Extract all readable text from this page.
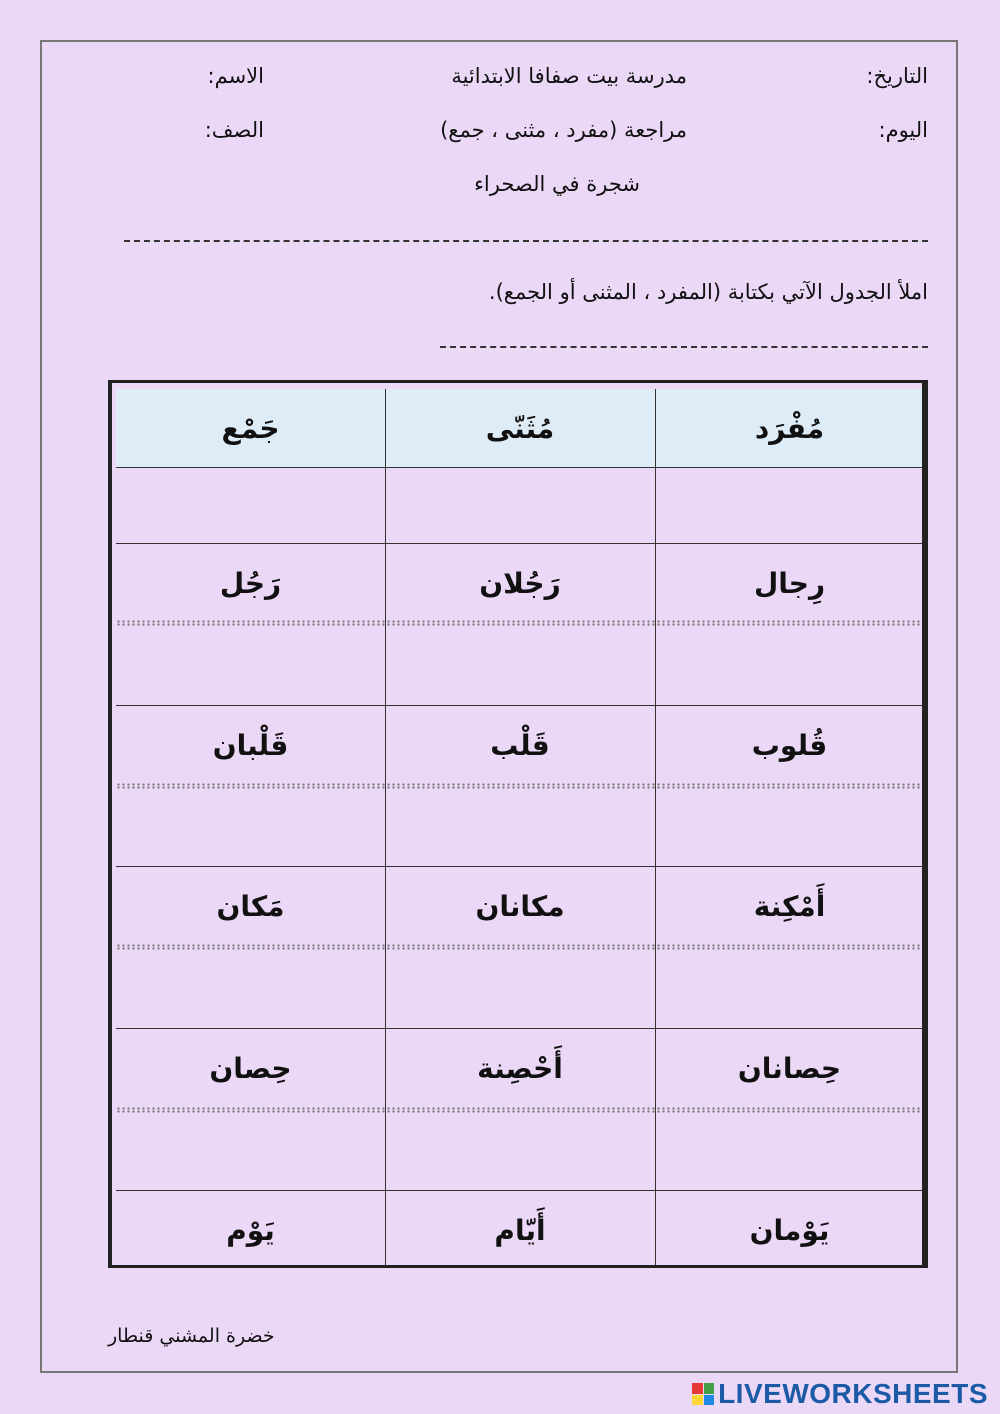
التاريخ:
مدرسة بيت صفافا الابتدائية
الاسم:
اليوم:
مراجعة (مفرد ، مثنى ، جمع)
الصف:
شجرة في الصحراء
املأ الجدول الآتي بكتابة (المفرد ، المثنى أو الجمع).
مُفْرَد
مُثَنّى
جَمْع
رِجال
رَجُلان
رَجُل
قُلوب
قَلْب
قَلْبان
أَمْكِنة
مكانان
مَكان
حِصانان
أَحْصِنة
حِصان
يَوْمان
أَيّام
يَوْم
خضرة المشني قنطار
LIVEWORKSHEETS
